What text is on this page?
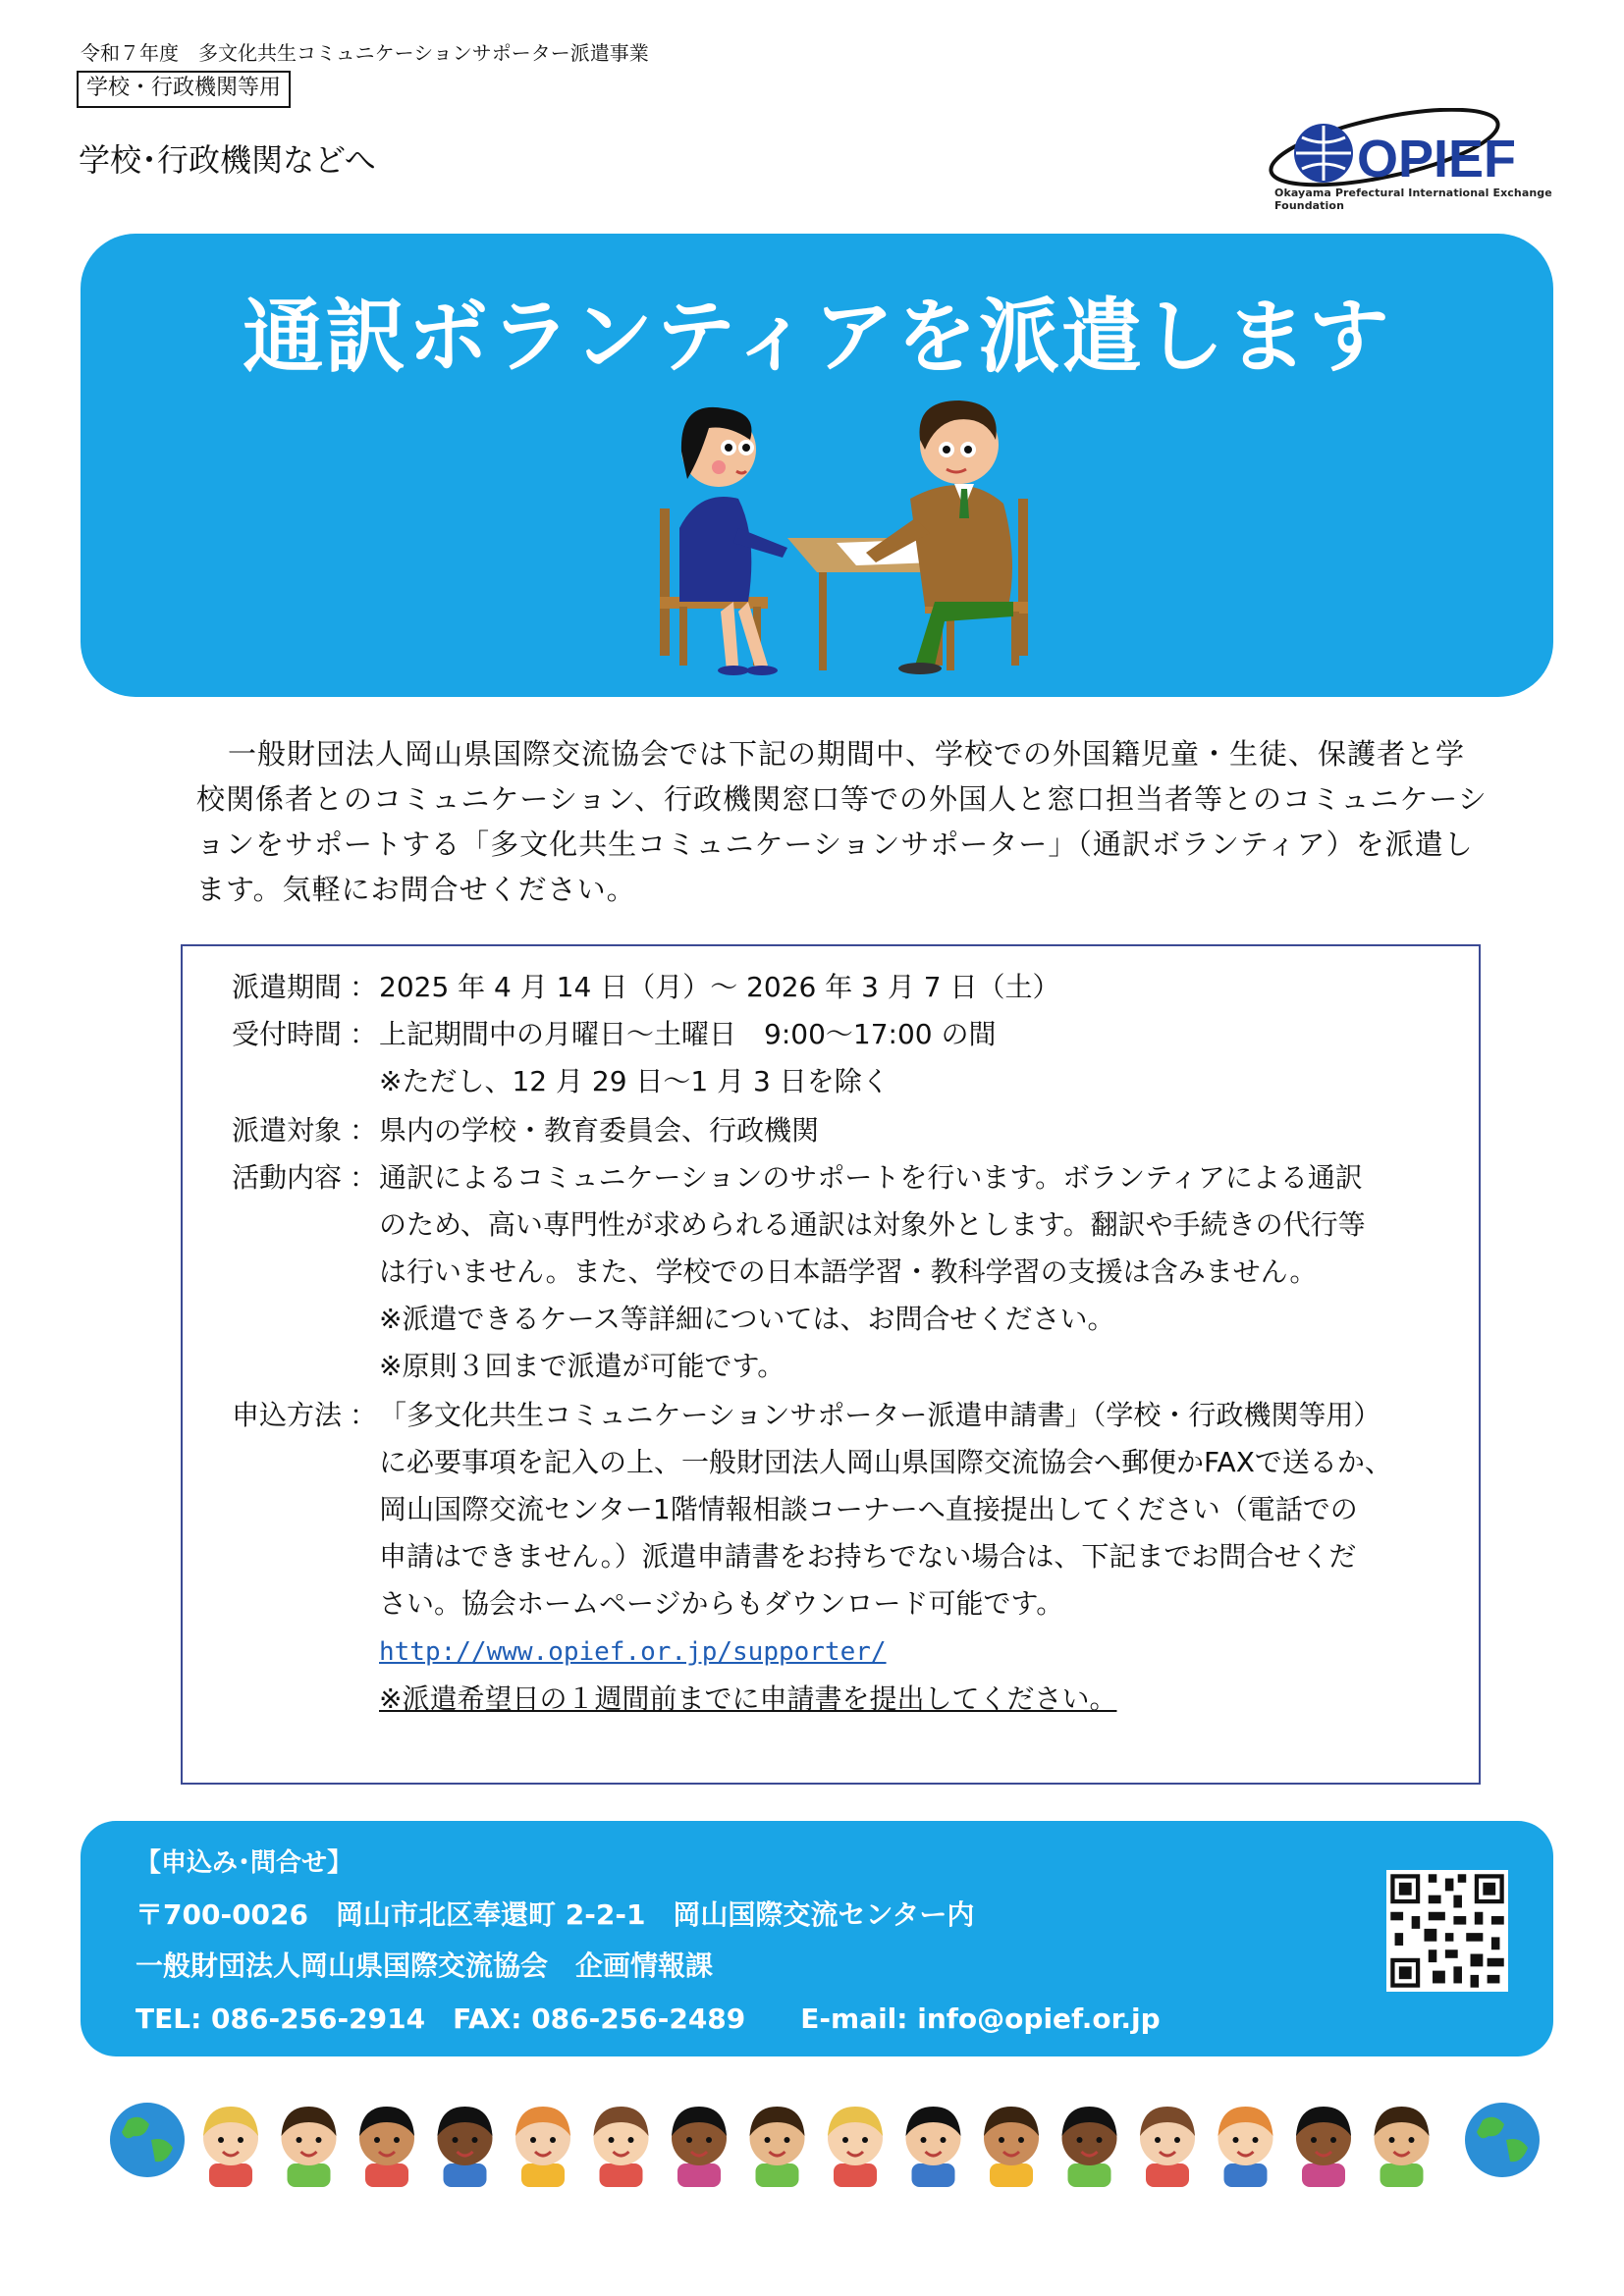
令和７年度　多文化共生コミュニケーションサポーター派遣事業
学校・行政機関等用
学校･行政機関などへ	OPIEF
Okayama Prefectural International Exchange Foundation
通訳ボランティアを派遣します
一般財団法人岡山県国際交流協会では下記の期間中、学校での外国籍児童・生徒、保護者と学校関係者とのコミュニケーション、行政機関窓口等での外国人と窓口担当者等とのコミュニケーションをサポートする「多文化共生コミュニケーションサポーター」（通訳ボランティア）を派遣します。気軽にお問合せください。
派遣期間 ： 2025 年 4 月 14 日（月）～ 2026 年 3 月 7 日（土）
受付時間 ： 上記期間中の月曜日～土曜日　9:00～17:00 の間
※ただし、12 月 29 日～1 月 3 日を除く
派遣対象 ： 県内の学校・教育委員会、行政機関
活動内容 ： 通訳によるコミュニケーションのサポートを行います。ボランティアによる通訳
のため、高い専門性が求められる通訳は対象外とします。翻訳や手続きの代行等
は行いません。また、学校での日本語学習・教科学習の支援は含みません。
※派遣できるケース等詳細については、お問合せください。
※原則３回まで派遣が可能です。
申込方法 ： 「多文化共生コミュニケーションサポーター派遣申請書」（学校・行政機関等用）
に必要事項を記入の上、一般財団法人岡山県国際交流協会へ郵便かFAXで送るか、
岡山国際交流センター1階情報相談コーナーへ直接提出してください（電話での
申請はできません。）派遣申請書をお持ちでない場合は、下記までお問合せくだ
さい。協会ホームページからもダウンロード可能です。
http://www.opief.or.jp/supporter/
※派遣希望日の１週間前までに申請書を提出してください。
【申込み･問合せ】
〒700-0026　岡山市北区奉還町 2-2-1　岡山国際交流センター内
一般財団法人岡山県国際交流協会　企画情報課
TEL: 086-256-2914　FAX: 086-256-2489　　E-mail: info@opief.or.jp
